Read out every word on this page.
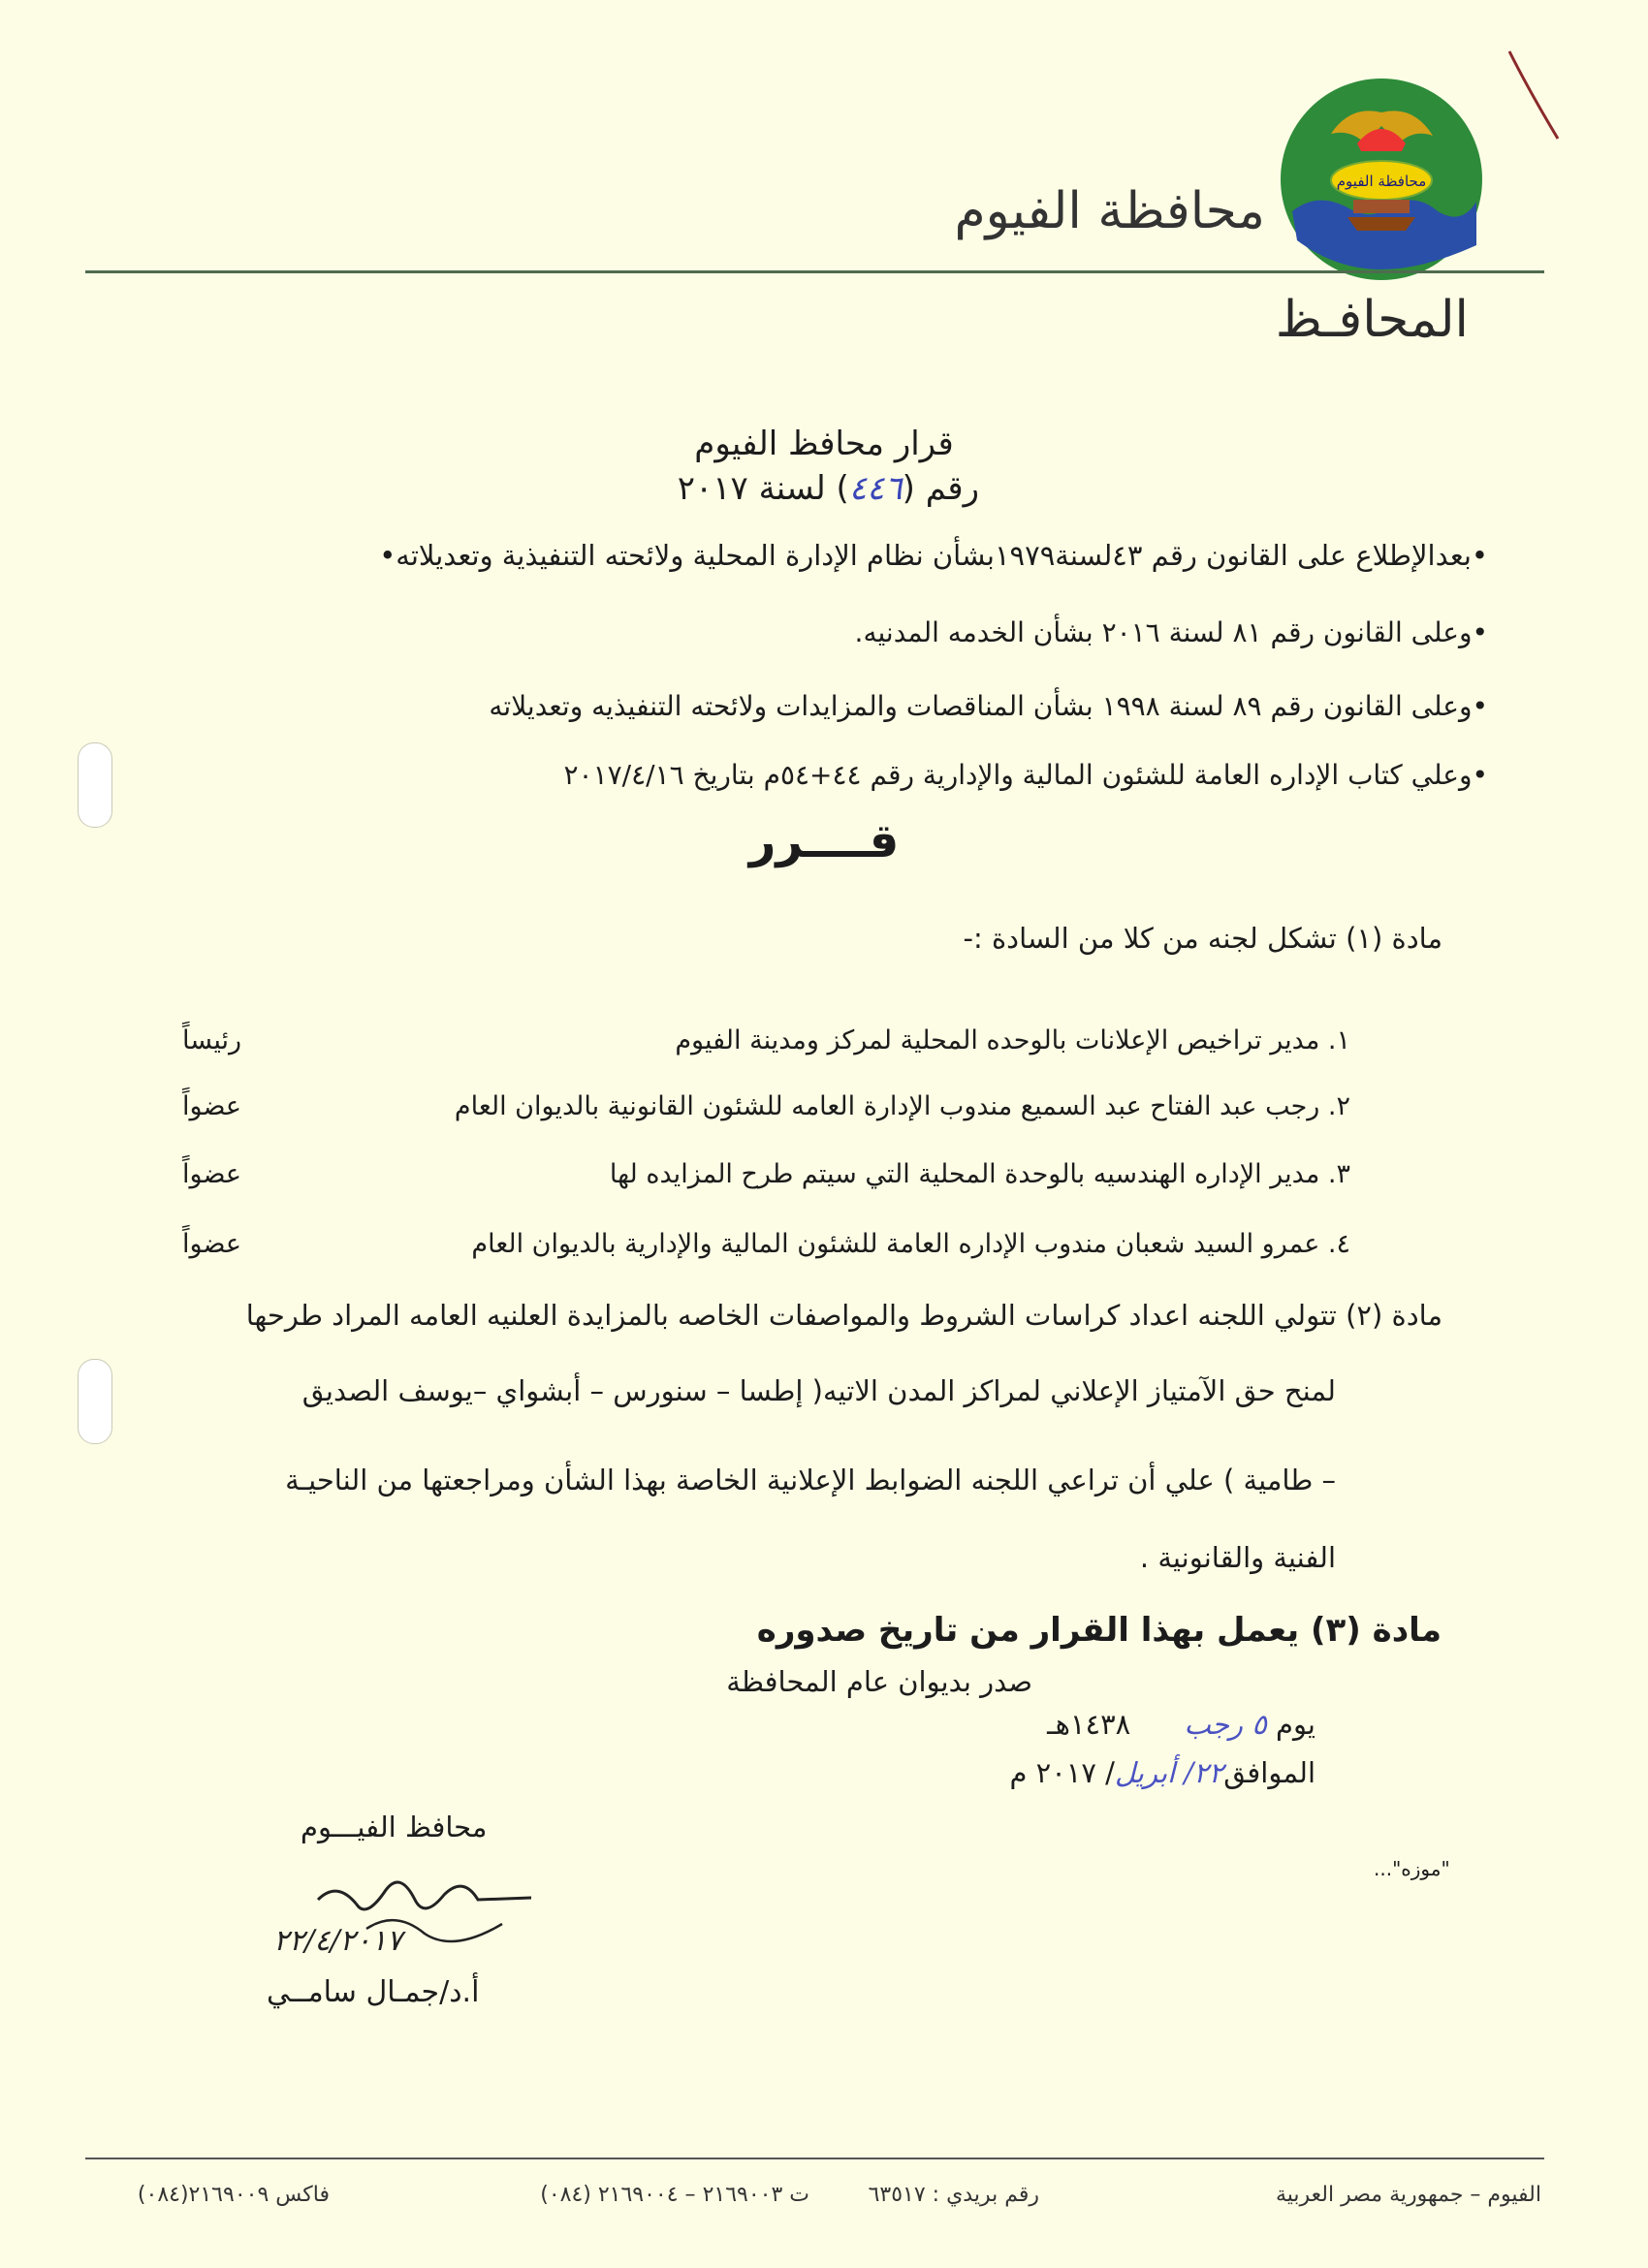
محافظة الفيوم
محافظة الفيوم
المحافـظ
قرار محافظ الفيوم
رقم (٤٤٦) لسنة ٢٠١٧
•بعدالإطلاع على القانون رقم ٤٣لسنة١٩٧٩بشأن نظام الإدارة المحلية ولائحته التنفيذية وتعديلاته•
•وعلى القانون رقم ٨١ لسنة ٢٠١٦ بشأن الخدمه المدنيه.
•وعلى القانون رقم ٨٩ لسنة ١٩٩٨ بشأن المناقصات والمزايدات ولائحته التنفيذيه وتعديلاته
•وعلي كتاب الإداره العامة للشئون المالية والإدارية رقم ٤٤+٥٤م بتاريخ ٢٠١٧/٤/١٦
قــــرر
مادة (١) تشكل لجنه من كلا من السادة :-
١. مدير تراخيص الإعلانات بالوحده المحلية لمركز ومدينة الفيوم
رئيساً
٢. رجب عبد الفتاح عبد السميع مندوب الإدارة العامه للشئون القانونية بالديوان العام
عضواً
٣. مدير الإداره الهندسيه بالوحدة المحلية التي سيتم طرح المزايده لها
عضواً
٤. عمرو السيد شعبان مندوب الإداره العامة للشئون المالية والإدارية بالديوان العام
عضواً
مادة (٢) تتولي اللجنه اعداد كراسات الشروط والمواصفات الخاصه بالمزايدة العلنيه العامه المراد طرحها
لمنح حق الآمتياز الإعلاني لمراكز المدن الاتيه( إطسا – سنورس – أبشواي –يوسف الصديق
– طامية ) علي أن تراعي اللجنه الضوابط الإعلانية الخاصة بهذا الشأن ومراجعتها من الناحيـة
الفنية والقانونية .
مادة (٣) يعمل بهذا القرار من تاريخ صدوره
صدر بديوان عام المحافظة
يوم ٥ رجب      ١٤٣٨هـ
الموافق٢٢/ أبريل/ ٢٠١٧ م
محافظ الفيـــوم
٢٢/٤/٢٠١٧
أ.د/جمـال سامــي
"موزه"...
الفيوم – جمهورية مصر العربية
رقم بريدي : ٦٣٥١٧
ت ٢١٦٩٠٠٣ – ٢١٦٩٠٠٤ (٠٨٤)
فاكس ٢١٦٩٠٠٩(٠٨٤)
